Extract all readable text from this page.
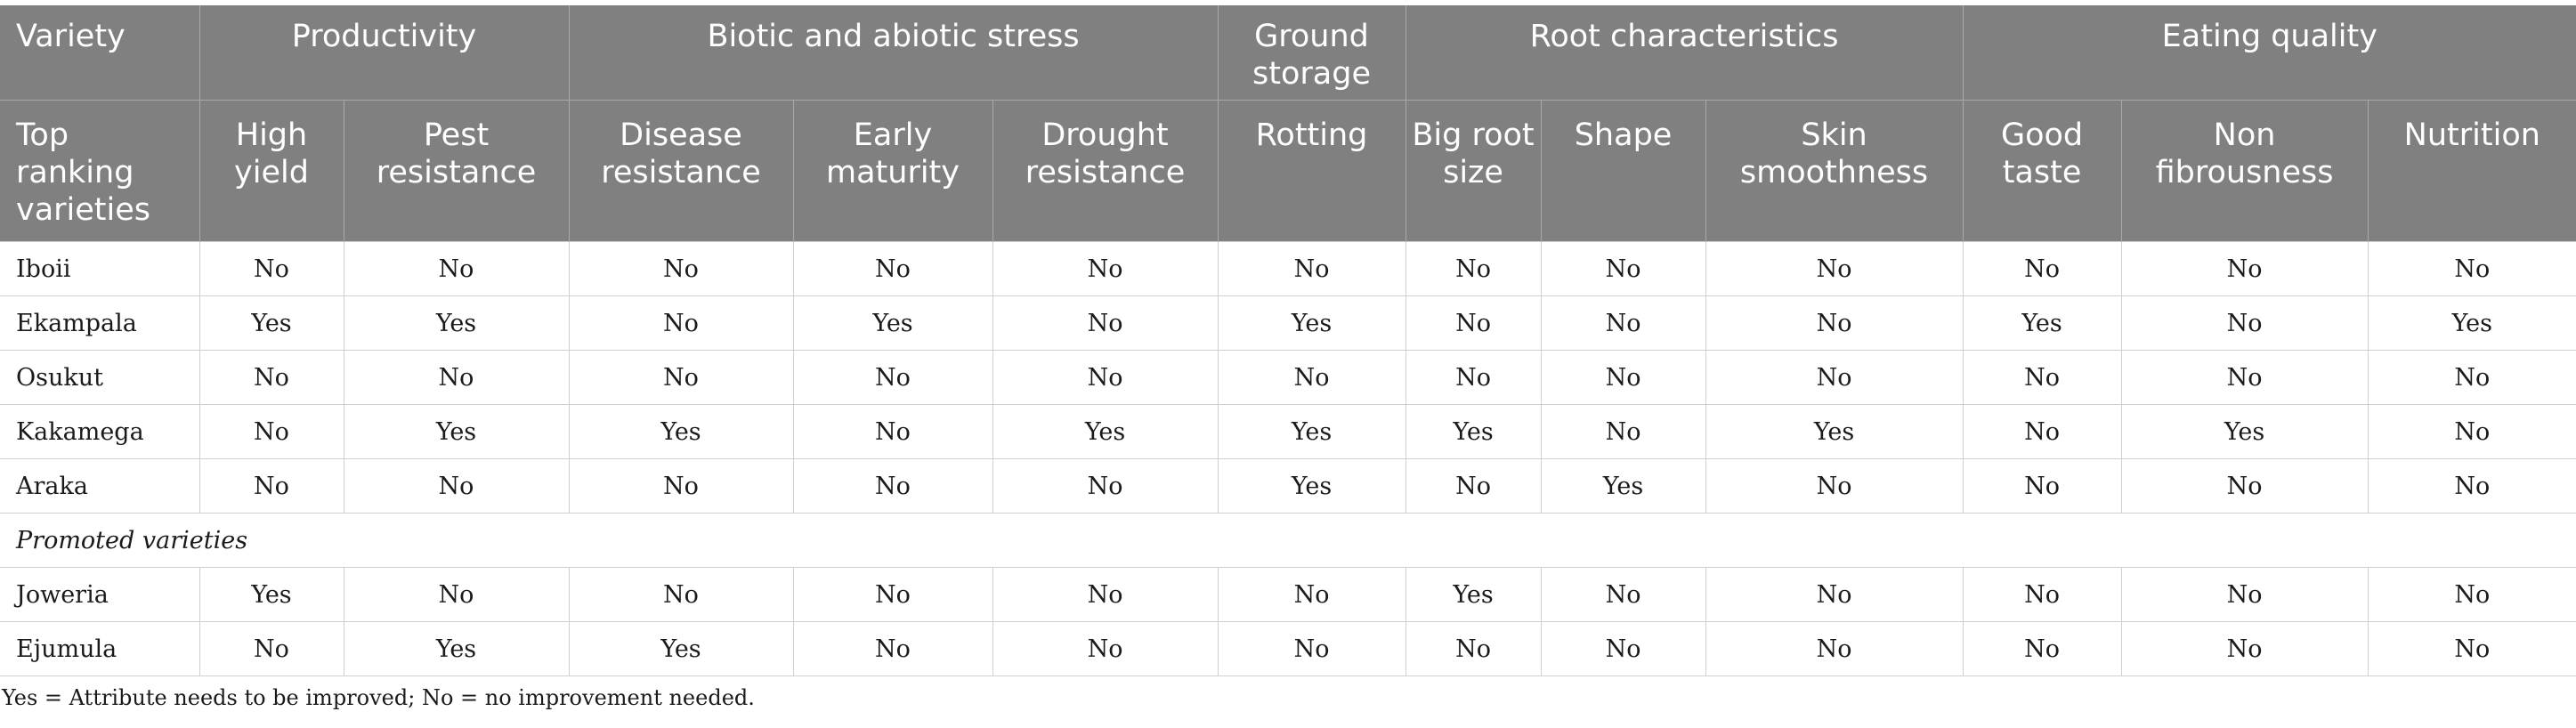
Variety	Productivity		Biotic and abiotic stress			Ground storage	Root characteristics			Eating quality		
Top ranking varieties	High yield	Pest resistance	Disease resistance	Early maturity	Drought resistance	Rotting	Big root size	Shape	Skin smoothness	Good taste	Non fibrousness	Nutrition
Iboii	No	No	No	No	No	No	No	No	No	No	No	No
Ekampala	Yes	Yes	No	Yes	No	Yes	No	No	No	Yes	No	Yes
Osukut	No	No	No	No	No	No	No	No	No	No	No	No
Kakamega	No	Yes	Yes	No	Yes	Yes	Yes	No	Yes	No	Yes	No
Araka	No	No	No	No	No	Yes	No	Yes	No	No	No	No
Promoted varieties												
Joweria	Yes	No	No	No	No	No	Yes	No	No	No	No	No
Ejumula	No	Yes	Yes	No	No	No	No	No	No	No	No	No
Yes = Attribute needs to be improved; No = no improvement needed.
